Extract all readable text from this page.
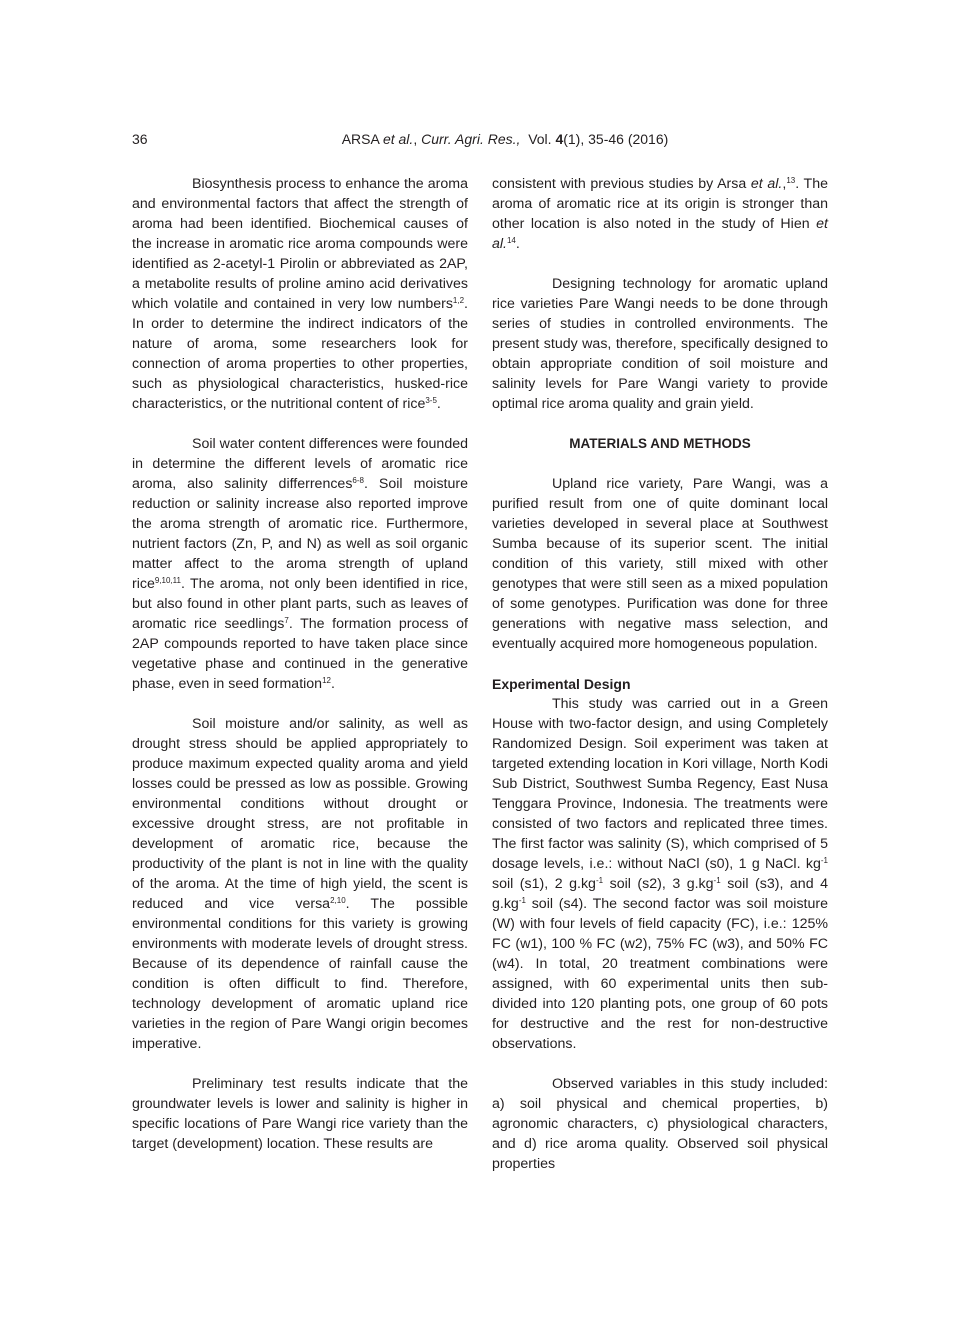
36	ARSA et al., Curr. Agri. Res., Vol. 4(1), 35-46 (2016)

Biosynthesis process to enhance the aroma and environmental factors that affect the strength of aroma had been identified. Biochemical causes of the increase in aromatic rice aroma compounds were identified as 2-acetyl-1 Pirolin or abbreviated as 2AP, a metabolite results of proline amino acid derivatives which volatile and contained in very low numbers$^{1,2}$. In order to determine the indirect indicators of the nature of aroma, some researchers look for connection of aroma properties to other properties, such as physiological characteristics, husked-rice characteristics, or the nutritional content of rice$^{3-5}$.

Soil water content differences were founded in determine the different levels of aromatic rice aroma, also salinity differrences$^{6-8}$. Soil moisture reduction or salinity increase also reported improve the aroma strength of aromatic rice. Furthermore, nutrient factors (Zn, P, and N) as well as soil organic matter affect to the aroma strength of upland rice$^{9,10,11}$. The aroma, not only been identified in rice, but also found in other plant parts, such as leaves of aromatic rice seedlings$^7$. The formation process of 2AP compounds reported to have taken place since vegetative phase and continued in the generative phase, even in seed formation$^{12}$.

Soil moisture and/or salinity, as well as drought stress should be applied appropriately to produce maximum expected quality aroma and yield losses could be pressed as low as possible. Growing environmental conditions without drought or excessive drought stress, are not profitable in development of aromatic rice, because the productivity of the plant is not in line with the quality of the aroma. At the time of high yield, the scent is reduced and vice versa$^{2,10}$. The possible environmental conditions for this variety is growing environments with moderate levels of drought stress. Because of its dependence of rainfall cause the condition is often difficult to find. Therefore, technology development of aromatic upland rice varieties in the region of Pare Wangi origin becomes imperative.

Preliminary test results indicate that the groundwater levels is lower and salinity is higher in specific locations of Pare Wangi rice variety than the target (development) location. These results are

consistent with previous studies by Arsa et al.,$^{13}$. The aroma of aromatic rice at its origin is stronger than other location is also noted in the study of Hien et al.$^{14}$.

Designing technology for aromatic upland rice varieties Pare Wangi needs to be done through series of studies in controlled environments. The present study was, therefore, specifically designed to obtain appropriate condition of soil moisture and salinity levels for Pare Wangi variety to provide optimal rice aroma quality and grain yield.

MATERIALS AND METHODS

Upland rice variety, Pare Wangi, was a purified result from one of quite dominant local varieties developed in several place at Southwest Sumba because of its superior scent. The initial condition of this variety, still mixed with other genotypes that were still seen as a mixed population of some genotypes. Purification was done for three generations with negative mass selection, and eventually acquired more homogeneous population.

Experimental Design

This study was carried out in a Green House with two-factor design, and using Completely Randomized Design. Soil experiment was taken at targeted extending location in Kori village, North Kodi Sub District, Southwest Sumba Regency, East Nusa Tenggara Province, Indonesia. The treatments were consisted of two factors and replicated three times. The first factor was salinity (S), which comprised of 5 dosage levels, i.e.: without NaCl (s0), 1 g NaCl. $kg^{-1}$ soil (s1), 2 $g.kg^{-1}$ soil (s2), 3 $g.kg^{-1}$ soil (s3), and 4 $g.kg^{-1}$ soil (s4). The second factor was soil moisture (W) with four levels of field capacity (FC), i.e.: 125% FC (w1), 100 % FC (w2), 75% FC (w3), and 50% FC (w4). In total, 20 treatment combinations were assigned, with 60 experimental units then sub-divided into 120 planting pots, one group of 60 pots for destructive and the rest for non-destructive observations.

Observed variables in this study included: a) soil physical and chemical properties, b) agronomic characters, c) physiological characters, and d) rice aroma quality. Observed soil physical properties
